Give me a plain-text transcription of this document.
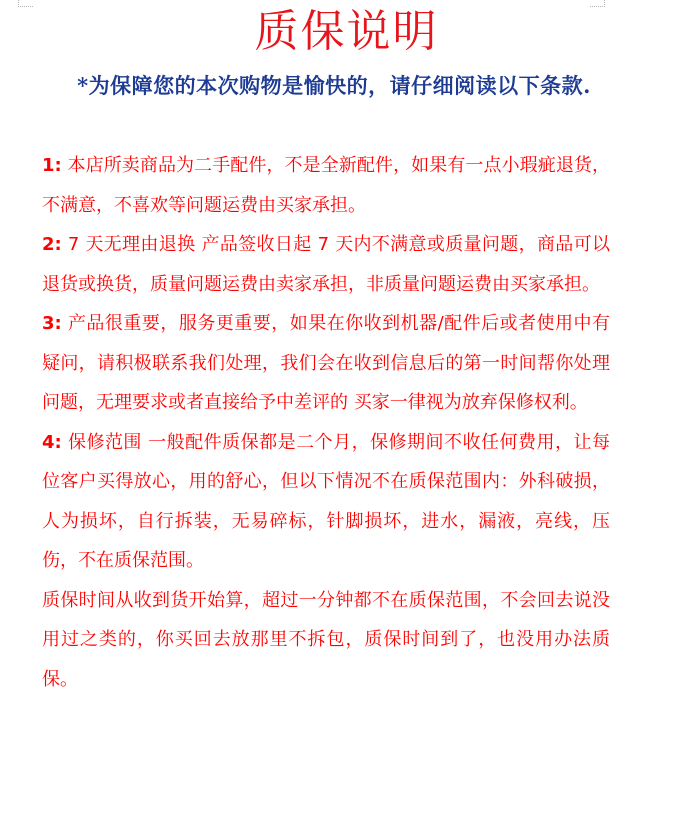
质保说明
*为保障您的本次购物是愉快的，请仔细阅读以下条款.

1: 本店所卖商品为二手配件，不是全新配件，如果有一点小瑕疵退货，不满意，不喜欢等问题运费由买家承担。

2: 7 天无理由退换 产品签收日起 7 天内不满意或质量问题，商品可以退货或换货，质量问题运费由卖家承担，非质量问题运费由买家承担。

3: 产品很重要，服务更重要，如果在你收到机器/配件后或者使用中有疑问，请积极联系我们处理，我们会在收到信息后的第一时间帮你处理问题，无理要求或者直接给予中差评的 买家一律视为放弃保修权利。

4: 保修范围 一般配件质保都是二个月，保修期间不收任何费用，让每位客户买得放心，用的舒心，但以下情况不在质保范围内：外科破损，人为损坏，自行拆装，无易碎标，针脚损坏，进水，漏液，亮线，压伤，不在质保范围。

质保时间从收到货开始算，超过一分钟都不在质保范围，不会回去说没用过之类的，你买回去放那里不拆包，质保时间到了，也没用办法质保。
